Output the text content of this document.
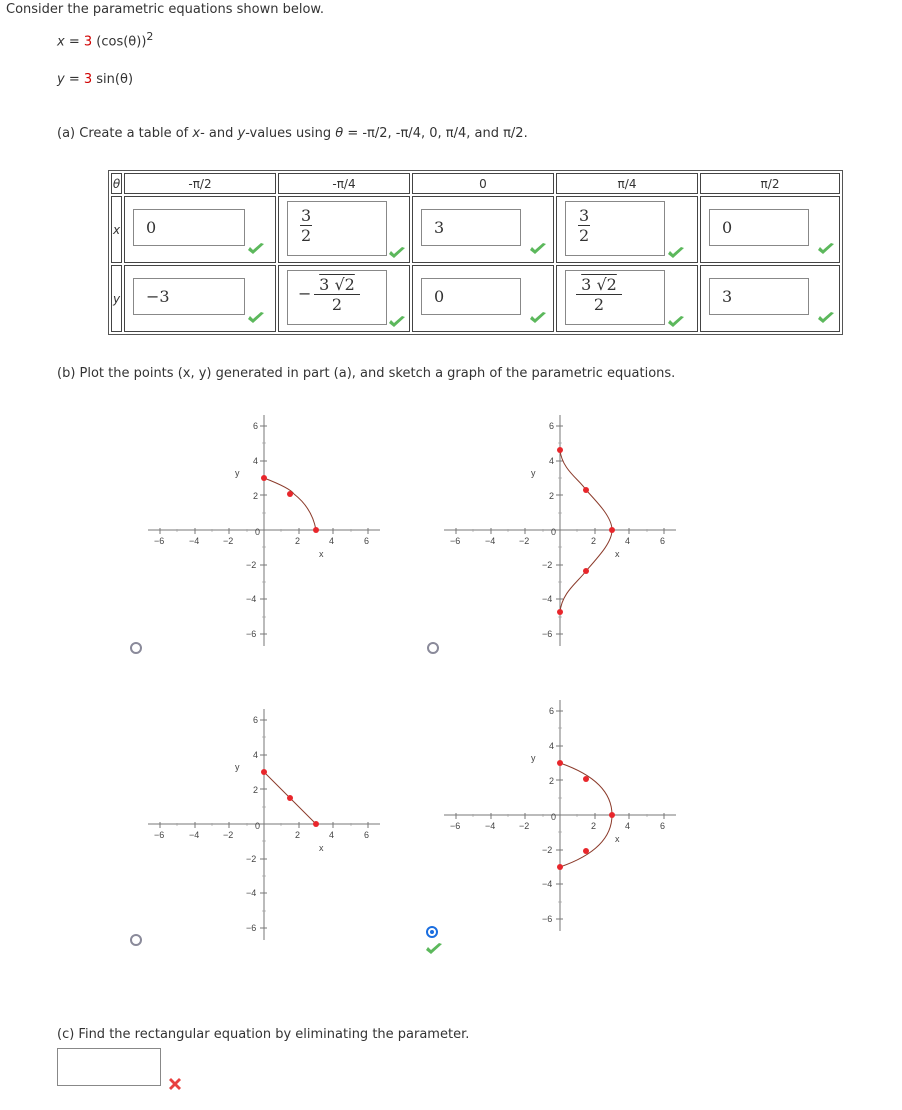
Consider the parametric equations shown below.
x = 3 $(\cos(\theta))^2$
y = 3 sin(θ)
(a) Create a table of x- and y-values using θ = -π/2, -π/4, 0, π/4, and π/2.
θ	-π/2	-π/4	0	π/4	π/2
x	0	$\frac{3}{2}$	3	$\frac{3}{2}$	0

y	−3	− $\frac{3 √2}{2}$	0	$\frac{3 √2}{2}$	3
(b) Plot the points (x, y) generated in part (a), and sketch a graph of the parametric equations.
−6	−4	−2	2	4	6
6
4
2
0
−2
−4
−6
x
y
−6	−4	−2	2	4	6
6
4
2
0
−2
−4
−6
x
y
−6	−4	−2	2	4	6
6
4
2
0
−2
−4
−6
x
y
−6	−4	−2	2	4	6
6
4
2
0
−2
−4
−6
x
y
(c) Find the rectangular equation by eliminating the parameter.
